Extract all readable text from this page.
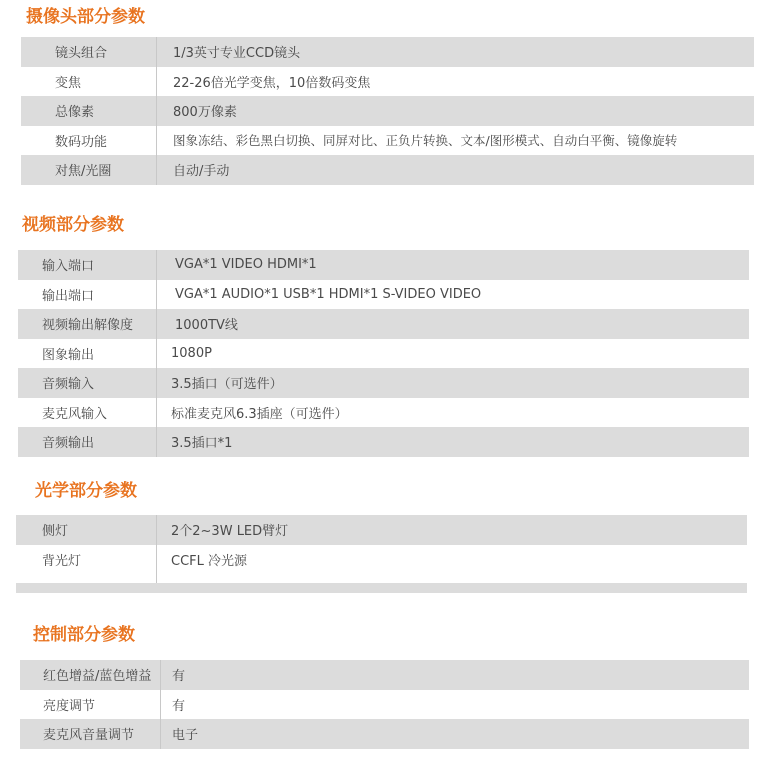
摄像头部分参数
镜头组合	1/3英寸专业CCD镜头
变焦	22-26倍光学变焦，10倍数码变焦
总像素	800万像素
数码功能	图象冻结、彩色黑白切换、同屏对比、正负片转换、文本/图形模式、自动白平衡、镜像旋转
对焦/光圈	自动/手动
视频部分参数
输入端口	VGA*1 VIDEO HDMI*1
输出端口	VGA*1 AUDIO*1 USB*1 HDMI*1 S-VIDEO VIDEO
视频输出解像度	1000TV线
图象输出	1080P
音频输入	3.5插口（可选件）
麦克风输入	标准麦克风6.3插座（可选件）
音频输出	3.5插口*1
光学部分参数
侧灯	2个2~3W LED臂灯
背光灯	CCFL 冷光源
控制部分参数
红色增益/蓝色增益 有
亮度调节	有
麦克风音量调节	电子
